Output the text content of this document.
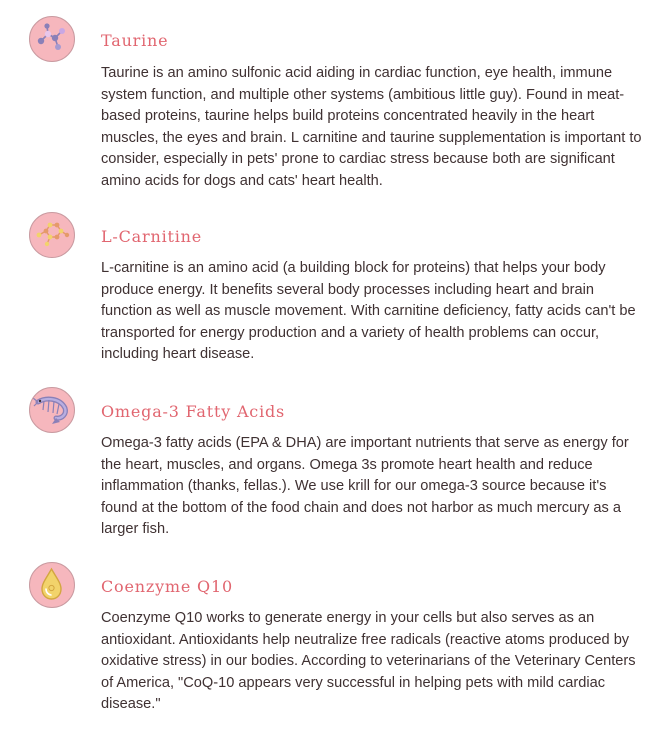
Taurine

Taurine is an amino sulfonic acid aiding in cardiac function, eye health, immune system function, and multiple other systems (ambitious little guy). Found in meat-based proteins, taurine helps build proteins concentrated heavily in the heart muscles, the eyes and brain. L carnitine and taurine supplementation is important to consider, especially in pets' prone to cardiac stress because both are significant amino acids for dogs and cats' heart health.

L-Carnitine

L-carnitine is an amino acid (a building block for proteins) that helps your body produce energy. It benefits several body processes including heart and brain function as well as muscle movement. With carnitine deficiency, fatty acids can't be transported for energy production and a variety of health problems can occur, including heart disease.

Omega-3 Fatty Acids

Omega-3 fatty acids (EPA & DHA) are important nutrients that serve as energy for the heart, muscles, and organs. Omega 3s promote heart health and reduce inflammation (thanks, fellas.). We use krill for our omega-3 source because it's found at the bottom of the food chain and does not harbor as much mercury as a larger fish.

Coenzyme Q10

Coenzyme Q10 works to generate energy in your cells but also serves as an antioxidant. Antioxidants help neutralize free radicals (reactive atoms produced by oxidative stress) in our bodies. According to veterinarians of the Veterinary Centers of America, "CoQ-10 appears very successful in helping pets with mild cardiac disease."
